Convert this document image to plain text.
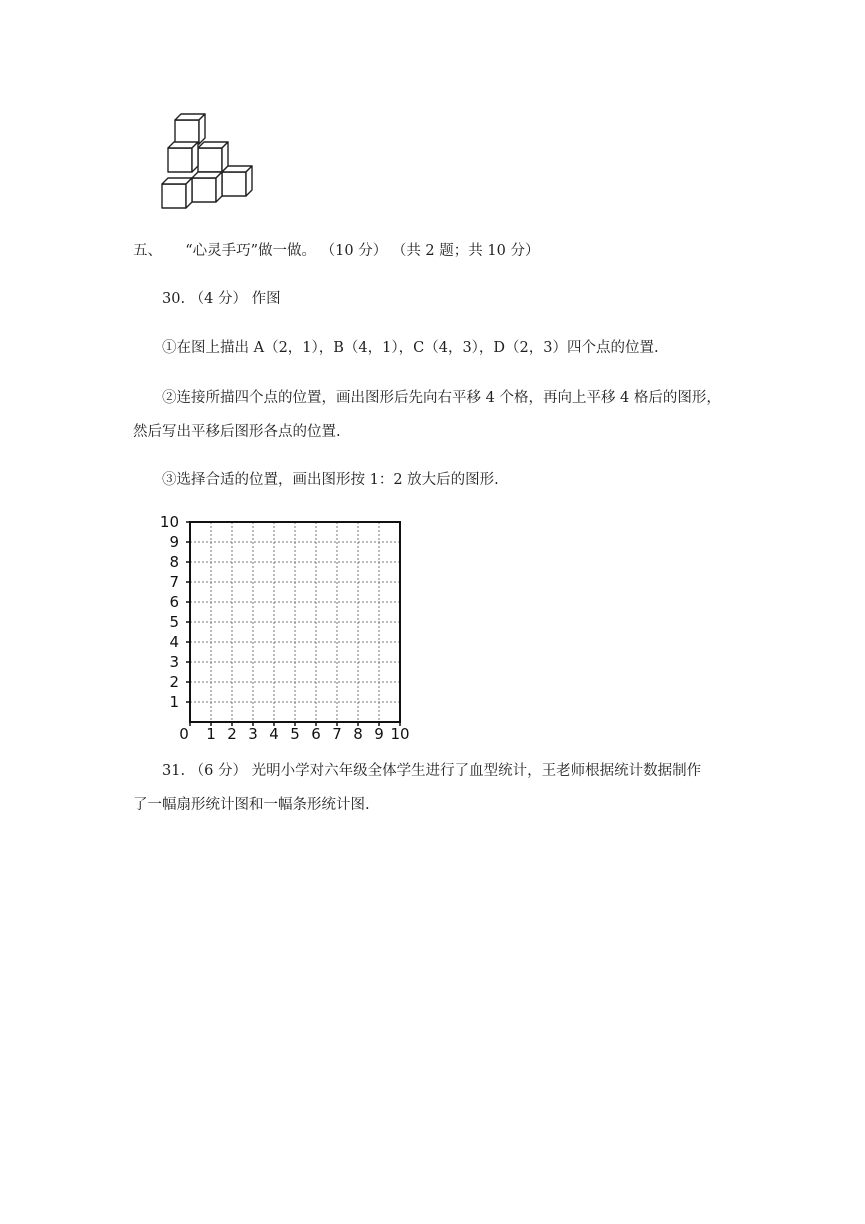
五、 “心灵手巧”做一做。 （10 分） （共 2 题；共 10 分）
30. （4 分） 作图
①在图上描出 A（2，1），B（4，1），C（4，3），D（2，3）四个点的位置.
②连接所描四个点的位置，画出图形后先向右平移 4 个格，再向上平移 4 格后的图形，
然后写出平移后图形各点的位置.
③选择合适的位置，画出图形按 1：2 放大后的图形.
0 1 2 3 4 5 6 7 8 9 10
1
2
3
4
5
6
7
8
9
10
31. （6 分） 光明小学对六年级全体学生进行了血型统计，王老师根据统计数据制作
了一幅扇形统计图和一幅条形统计图.
